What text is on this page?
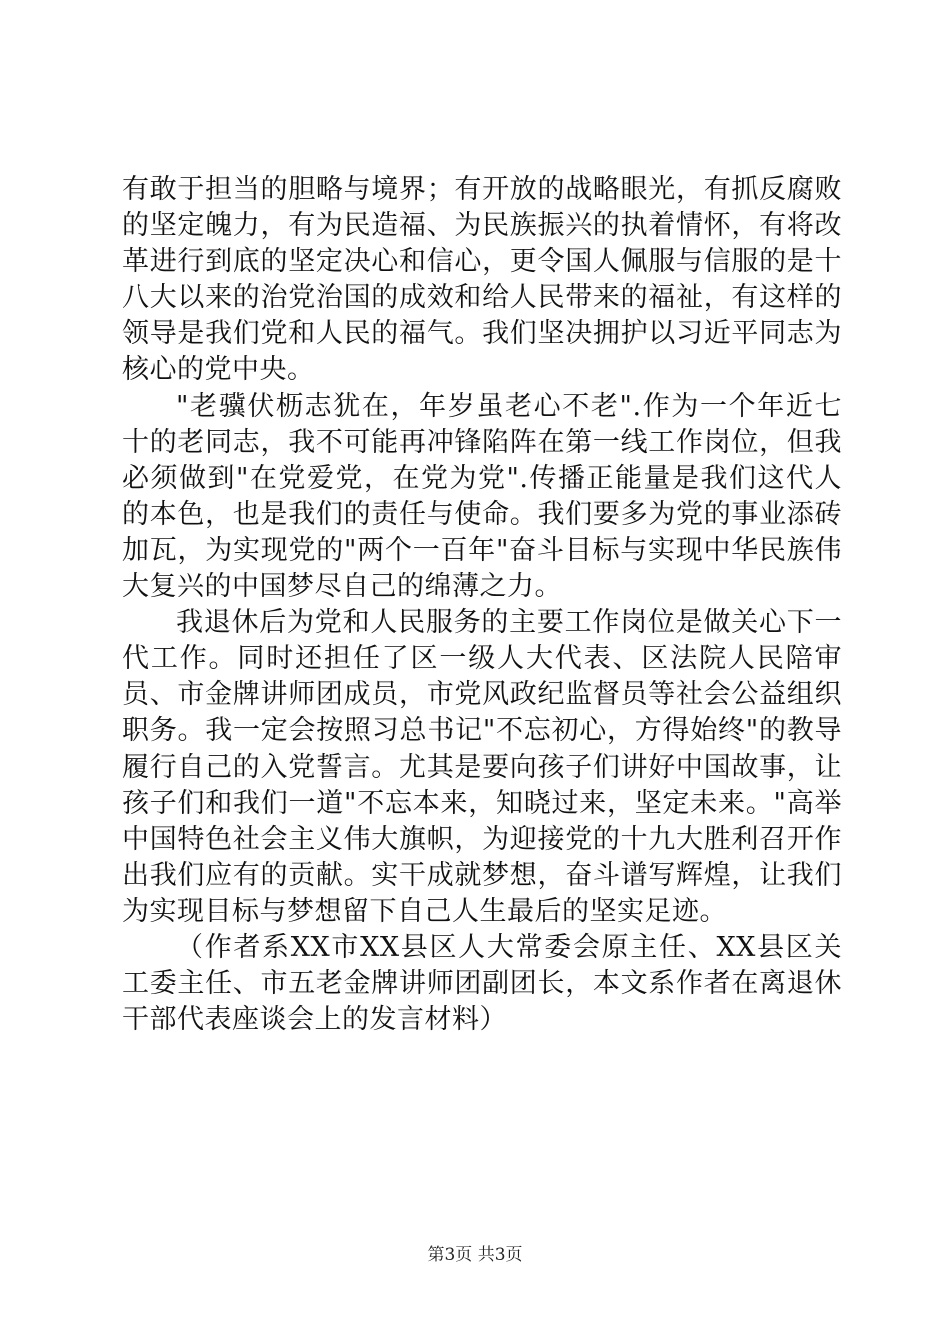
有敢于担当的胆略与境界；有开放的战略眼光，有抓反腐败的坚定魄力，有为民造福、为民族振兴的执着情怀，有将改革进行到底的坚定决心和信心，更令国人佩服与信服的是十八大以来的治党治国的成效和给人民带来的福祉，有这样的领导是我们党和人民的福气。我们坚决拥护以习近平同志为核心的党中央。

"老骥伏枥志犹在，年岁虽老心不老".作为一个年近七十的老同志，我不可能再冲锋陷阵在第一线工作岗位，但我必须做到"在党爱党，在党为党".传播正能量是我们这代人的本色，也是我们的责任与使命。我们要多为党的事业添砖加瓦，为实现党的"两个一百年"奋斗目标与实现中华民族伟大复兴的中国梦尽自己的绵薄之力。

我退休后为党和人民服务的主要工作岗位是做关心下一代工作。同时还担任了区一级人大代表、区法院人民陪审员、市金牌讲师团成员，市党风政纪监督员等社会公益组织职务。我一定会按照习总书记"不忘初心，方得始终"的教导履行自己的入党誓言。尤其是要向孩子们讲好中国故事，让孩子们和我们一道"不忘本来，知晓过来，坚定未来。"高举中国特色社会主义伟大旗帜，为迎接党的十九大胜利召开作出我们应有的贡献。实干成就梦想，奋斗谱写辉煌，让我们为实现目标与梦想留下自己人生最后的坚实足迹。

（作者系XX市XX县区人大常委会原主任、XX县区关工委主任、市五老金牌讲师团副团长，本文系作者在离退休干部代表座谈会上的发言材料）

第3页 共3页
